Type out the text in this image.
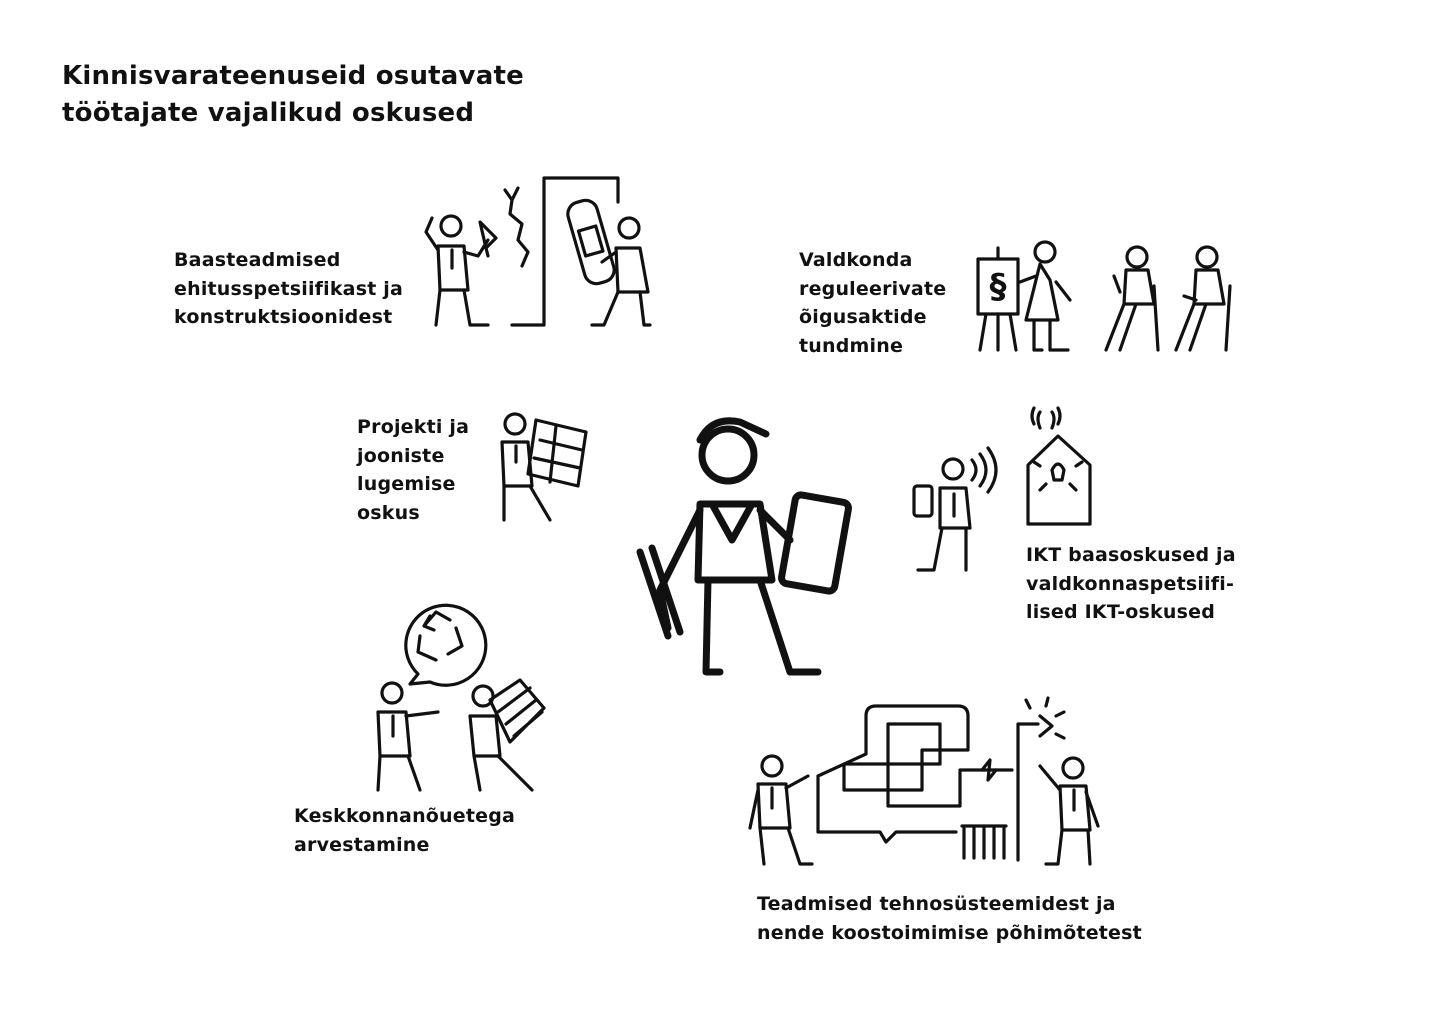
Kinnisvarateenuseid osutavate
töötajate vajalikud oskused
Baasteadmised
ehitusspetsiifikast ja
konstruktsioonidest
Valdkonda
reguleerivate
õigusaktide
tundmine
Projekti ja
jooniste
lugemise
oskus
IKT baasoskused ja
valdkonnaspetsiifi-
lised IKT-oskused
Keskkonnanõuetega
arvestamine
Teadmised tehnosüsteemidest ja
nende koostoimimise põhimõtetest
§
